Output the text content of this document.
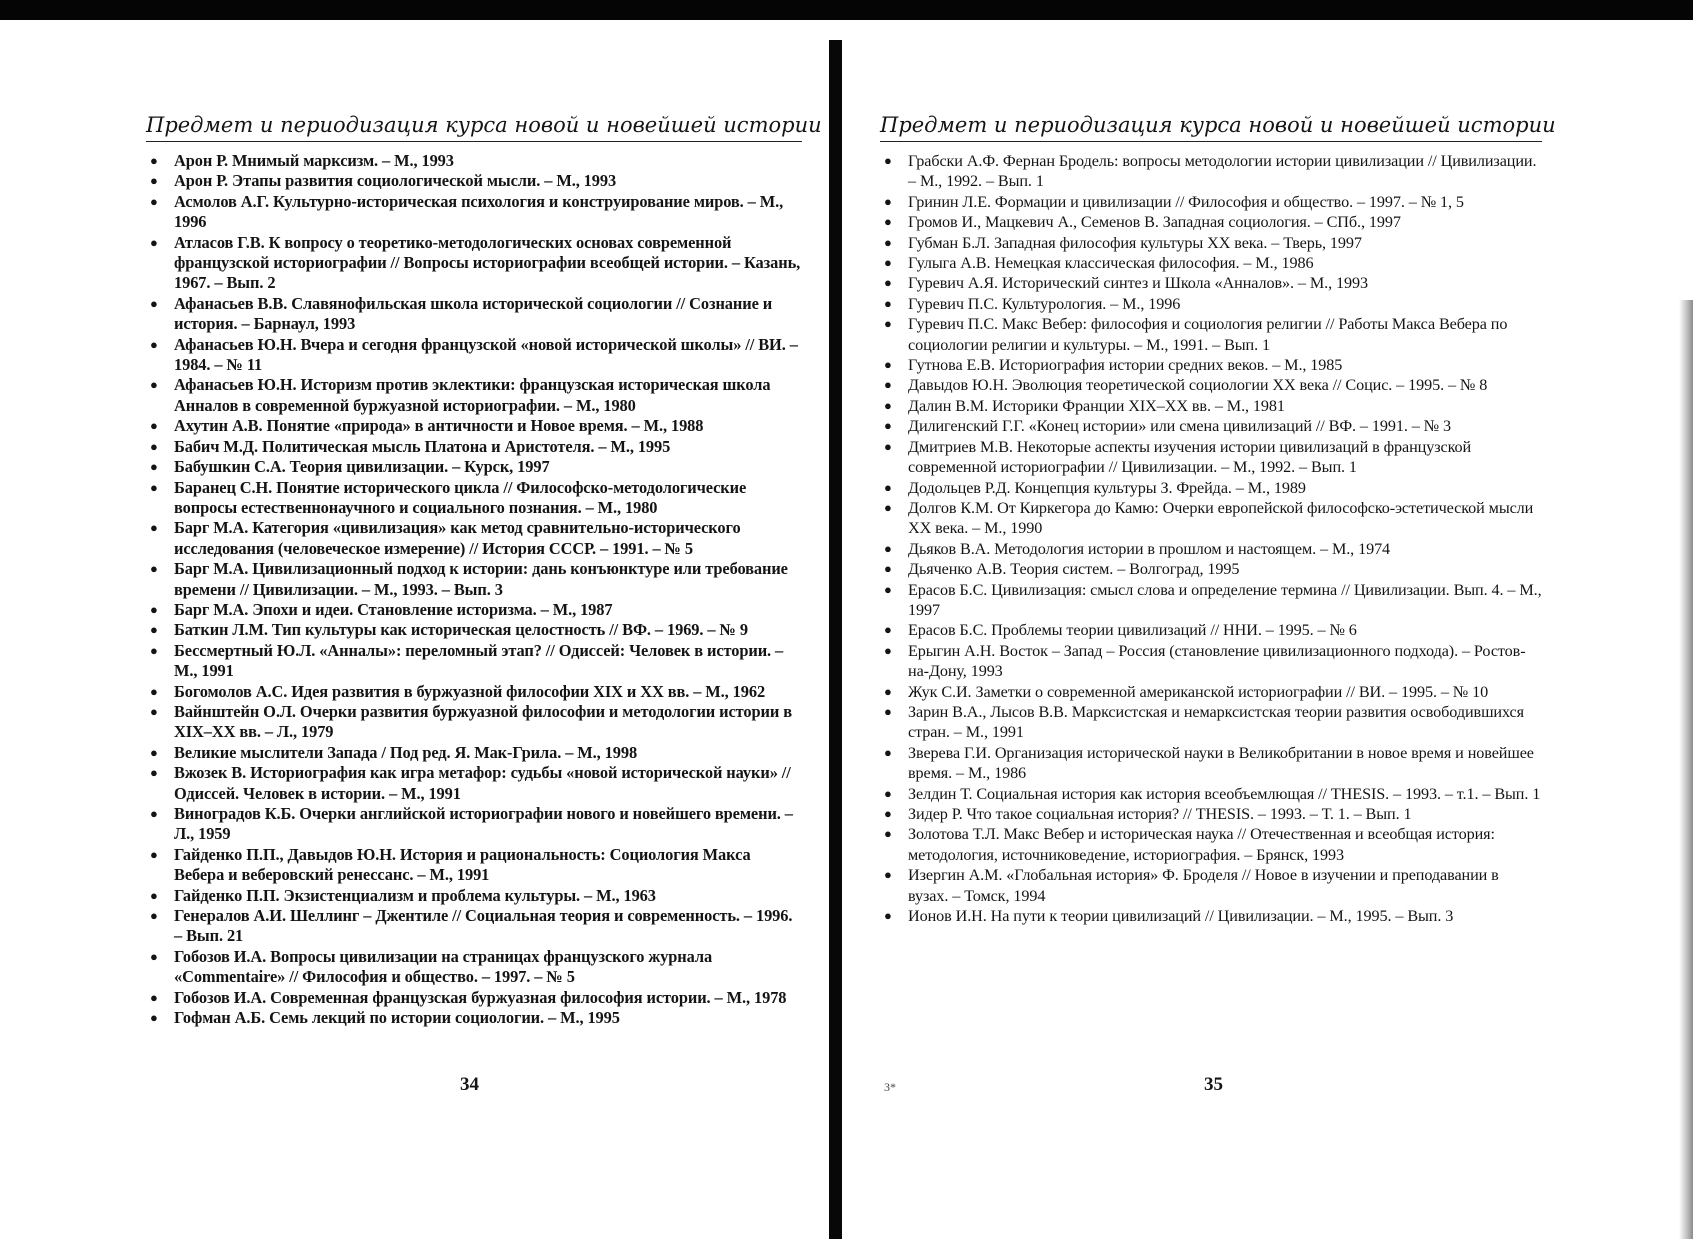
Предмет и периодизация курса новой и новейшей истории
● Арон Р. Мнимый марксизм. – М., 1993
● Арон Р. Этапы развития социологической мысли. – М., 1993
● Асмолов А.Г. Культурно-историческая психология и конструирование миров. – М., 1996
● Атласов Г.В. К вопросу о теоретико-методологических основах современной французской историографии // Вопросы историографии всеобщей истории. – Казань, 1967. – Вып. 2
● Афанасьев В.В. Славянофильская школа исторической социологии // Сознание и история. – Барнаул, 1993
● Афанасьев Ю.Н. Вчера и сегодня французской «новой исторической школы» // ВИ. – 1984. – № 11
● Афанасьев Ю.Н. Историзм против эклектики: французская историческая школа Анналов в современной буржуазной историографии. – М., 1980
● Ахутин А.В. Понятие «природа» в античности и Новое время. – М., 1988
● Бабич М.Д. Политическая мысль Платона и Аристотеля. – М., 1995
● Бабушкин С.А. Теория цивилизации. – Курск, 1997
● Баранец С.Н. Понятие исторического цикла // Философско-методологические вопросы естественнонаучного и социального познания. – М., 1980
● Барг М.А. Категория «цивилизация» как метод сравнительно-исторического исследования (человеческое измерение) // История СССР. – 1991. – № 5
● Барг М.А. Цивилизационный подход к истории: дань конъюнктуре или требование времени // Цивилизации. – М., 1993. – Вып. 3
● Барг М.А. Эпохи и идеи. Становление историзма. – М., 1987
● Баткин Л.М. Тип культуры как историческая целостность // ВФ. – 1969. – № 9
● Бессмертный Ю.Л. «Анналы»: переломный этап? // Одиссей: Человек в истории. – М., 1991
● Богомолов А.С. Идея развития в буржуазной философии XIX и XX вв. – М., 1962
● Вайнштейн О.Л. Очерки развития буржуазной философии и методологии истории в XIX–XX вв. – Л., 1979
● Великие мыслители Запада / Под ред. Я. Мак-Грила. – М., 1998
● Вжозек В. Историография как игра метафор: судьбы «новой исторической науки» // Одиссей. Человек в истории. – М., 1991
● Виноградов К.Б. Очерки английской историографии нового и новейшего времени. – Л., 1959
● Гайденко П.П., Давыдов Ю.Н. История и рациональность: Социология Макса Вебера и веберовский ренессанс. – М., 1991
● Гайденко П.П. Экзистенциализм и проблема культуры. – М., 1963
● Генералов А.И. Шеллинг – Джентиле // Социальная теория и современность. – 1996. – Вып. 21
● Гобозов И.А. Вопросы цивилизации на страницах французского журнала «Commentaire» // Философия и общество. – 1997. – № 5
● Гобозов И.А. Современная французская буржуазная философия истории. – М., 1978
● Гофман А.Б. Семь лекций по истории социологии. – М., 1995
Предмет и периодизация курса новой и новейшей истории
● Грабски А.Ф. Фернан Бродель: вопросы методологии истории цивилизации // Цивилизации. – М., 1992. – Вып. 1
● Гринин Л.Е. Формации и цивилизации // Философия и общество. – 1997. – № 1, 5
● Громов И., Мацкевич А., Семенов В. Западная социология. – СПб., 1997
● Губман Б.Л. Западная философия культуры XX века. – Тверь, 1997
● Гулыга А.В. Немецкая классическая философия. – М., 1986
● Гуревич А.Я. Исторический синтез и Школа «Анналов». – М., 1993
● Гуревич П.С. Культурология. – М., 1996
● Гуревич П.С. Макс Вебер: философия и социология религии // Работы Макса Вебера по социологии религии и культуры. – М., 1991. – Вып. 1
● Гутнова Е.В. Историография истории средних веков. – М., 1985
● Давыдов Ю.Н. Эволюция теоретической социологии XX века // Социс. – 1995. – № 8
● Далин В.М. Историки Франции XIX–XX вв. – М., 1981
● Дилигенский Г.Г. «Конец истории» или смена цивилизаций // ВФ. – 1991. – № 3
● Дмитриев М.В. Некоторые аспекты изучения истории цивилизаций в французской современной историографии // Цивилизации. – М., 1992. – Вып. 1
● Додольцев Р.Д. Концепция культуры З. Фрейда. – М., 1989
● Долгов К.М. От Киркегора до Камю: Очерки европейской философско-эстетической мысли XX века. – М., 1990
● Дьяков В.А. Методология истории в прошлом и настоящем. – М., 1974
● Дьяченко А.В. Теория систем. – Волгоград, 1995
● Ерасов Б.С. Цивилизация: смысл слова и определение термина // Цивилизации. Вып. 4. – М., 1997
● Ерасов Б.С. Проблемы теории цивилизаций // ННИ. – 1995. – № 6
● Ерыгин А.Н. Восток – Запад – Россия (становление цивилизационного подхода). – Ростов-на-Дону, 1993
● Жук С.И. Заметки о современной американской историографии // ВИ. – 1995. – № 10
● Зарин В.А., Лысов В.В. Марксистская и немарксистская теории развития освободившихся стран. – М., 1991
● Зверева Г.И. Организация исторической науки в Великобритании в новое время и новейшее время. – М., 1986
● Зелдин Т. Социальная история как история всеобъемлющая // THESIS. – 1993. – т.1. – Вып. 1
● Зидер Р. Что такое социальная история? // THESIS. – 1993. – Т. 1. – Вып. 1
● Золотова Т.Л. Макс Вебер и историческая наука // Отечественная и всеобщая история: методология, источниковедение, историография. – Брянск, 1993
● Изергин А.М. «Глобальная история» Ф. Броделя // Новое в изучении и преподавании в вузах. – Томск, 1994
● Ионов И.Н. На пути к теории цивилизаций // Цивилизации. – М., 1995. – Вып. 3
34	3*	35
